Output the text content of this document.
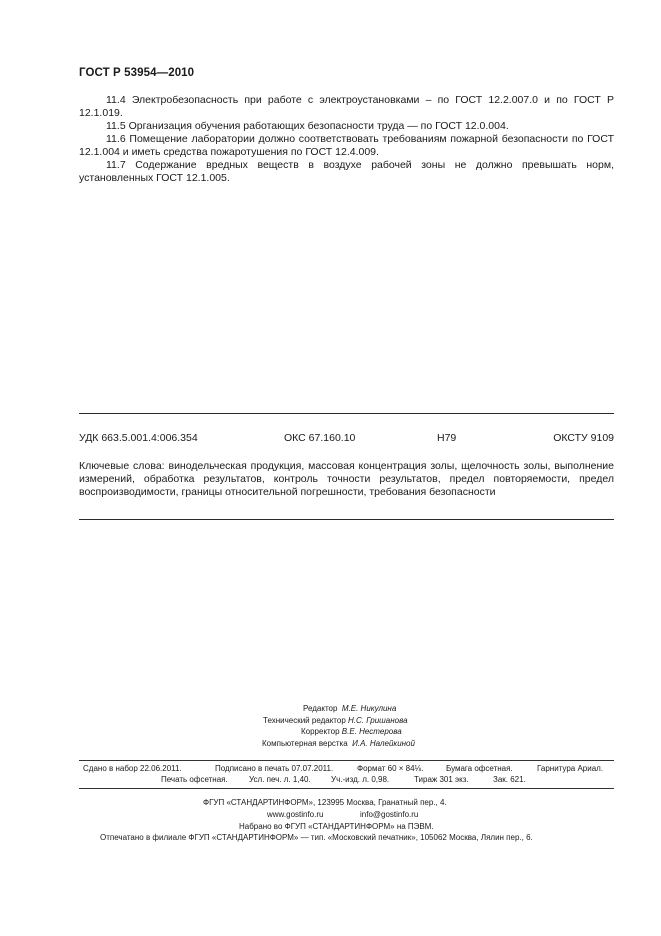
ГОСТ Р 53954—2010

11.4 Электробезопасность при работе с электроустановками – по ГОСТ 12.2.007.0 и по ГОСТ Р 12.1.019.

11.5 Организация обучения работающих безопасности труда — по ГОСТ 12.0.004.

11.6 Помещение лаборатории должно соответствовать требованиям пожарной безопасности по ГОСТ 12.1.004 и иметь средства пожаротушения по ГОСТ 12.4.009.

11.7 Содержание вредных веществ в воздухе рабочей зоны не должно превышать норм, установленных ГОСТ 12.1.005.

УДК 663.5.001.4:006.354	ОКС 67.160.10	Н79	ОКСТУ 9109

Ключевые слова: винодельческая продукция, массовая концентрация золы, щелочность золы, выполнение измерений, обработка результатов, контроль точности результатов, предел повторяемости, предел воспроизводимости, границы относительной погрешности, требования безопасности

Редактор М.Е. Никулина
Технический редактор Н.С. Гришанова
Корректор В.Е. Нестерова
Компьютерная верстка И.А. Налейкиной
Сдано в набор 22.06.2011.	Подписано в печать 07.07.2011.	Формат 60 × 84⅛.	Бумага офсетная.	Гарнитура Ариал.
Печать офсетная.	Усл. печ. л. 1,40.	Уч.-изд. л. 0,98.	Тираж 301 экз.	Зак. 621.
ФГУП «СТАНДАРТИНФОРМ», 123995 Москва, Гранатный пер., 4.
www.gostinfo.ru	info@gostinfo.ru
Набрано во ФГУП «СТАНДАРТИНФОРМ» на ПЭВМ.
Отпечатано в филиале ФГУП «СТАНДАРТИНФОРМ» — тип. «Московский печатник», 105062 Москва, Лялин пер., 6.
